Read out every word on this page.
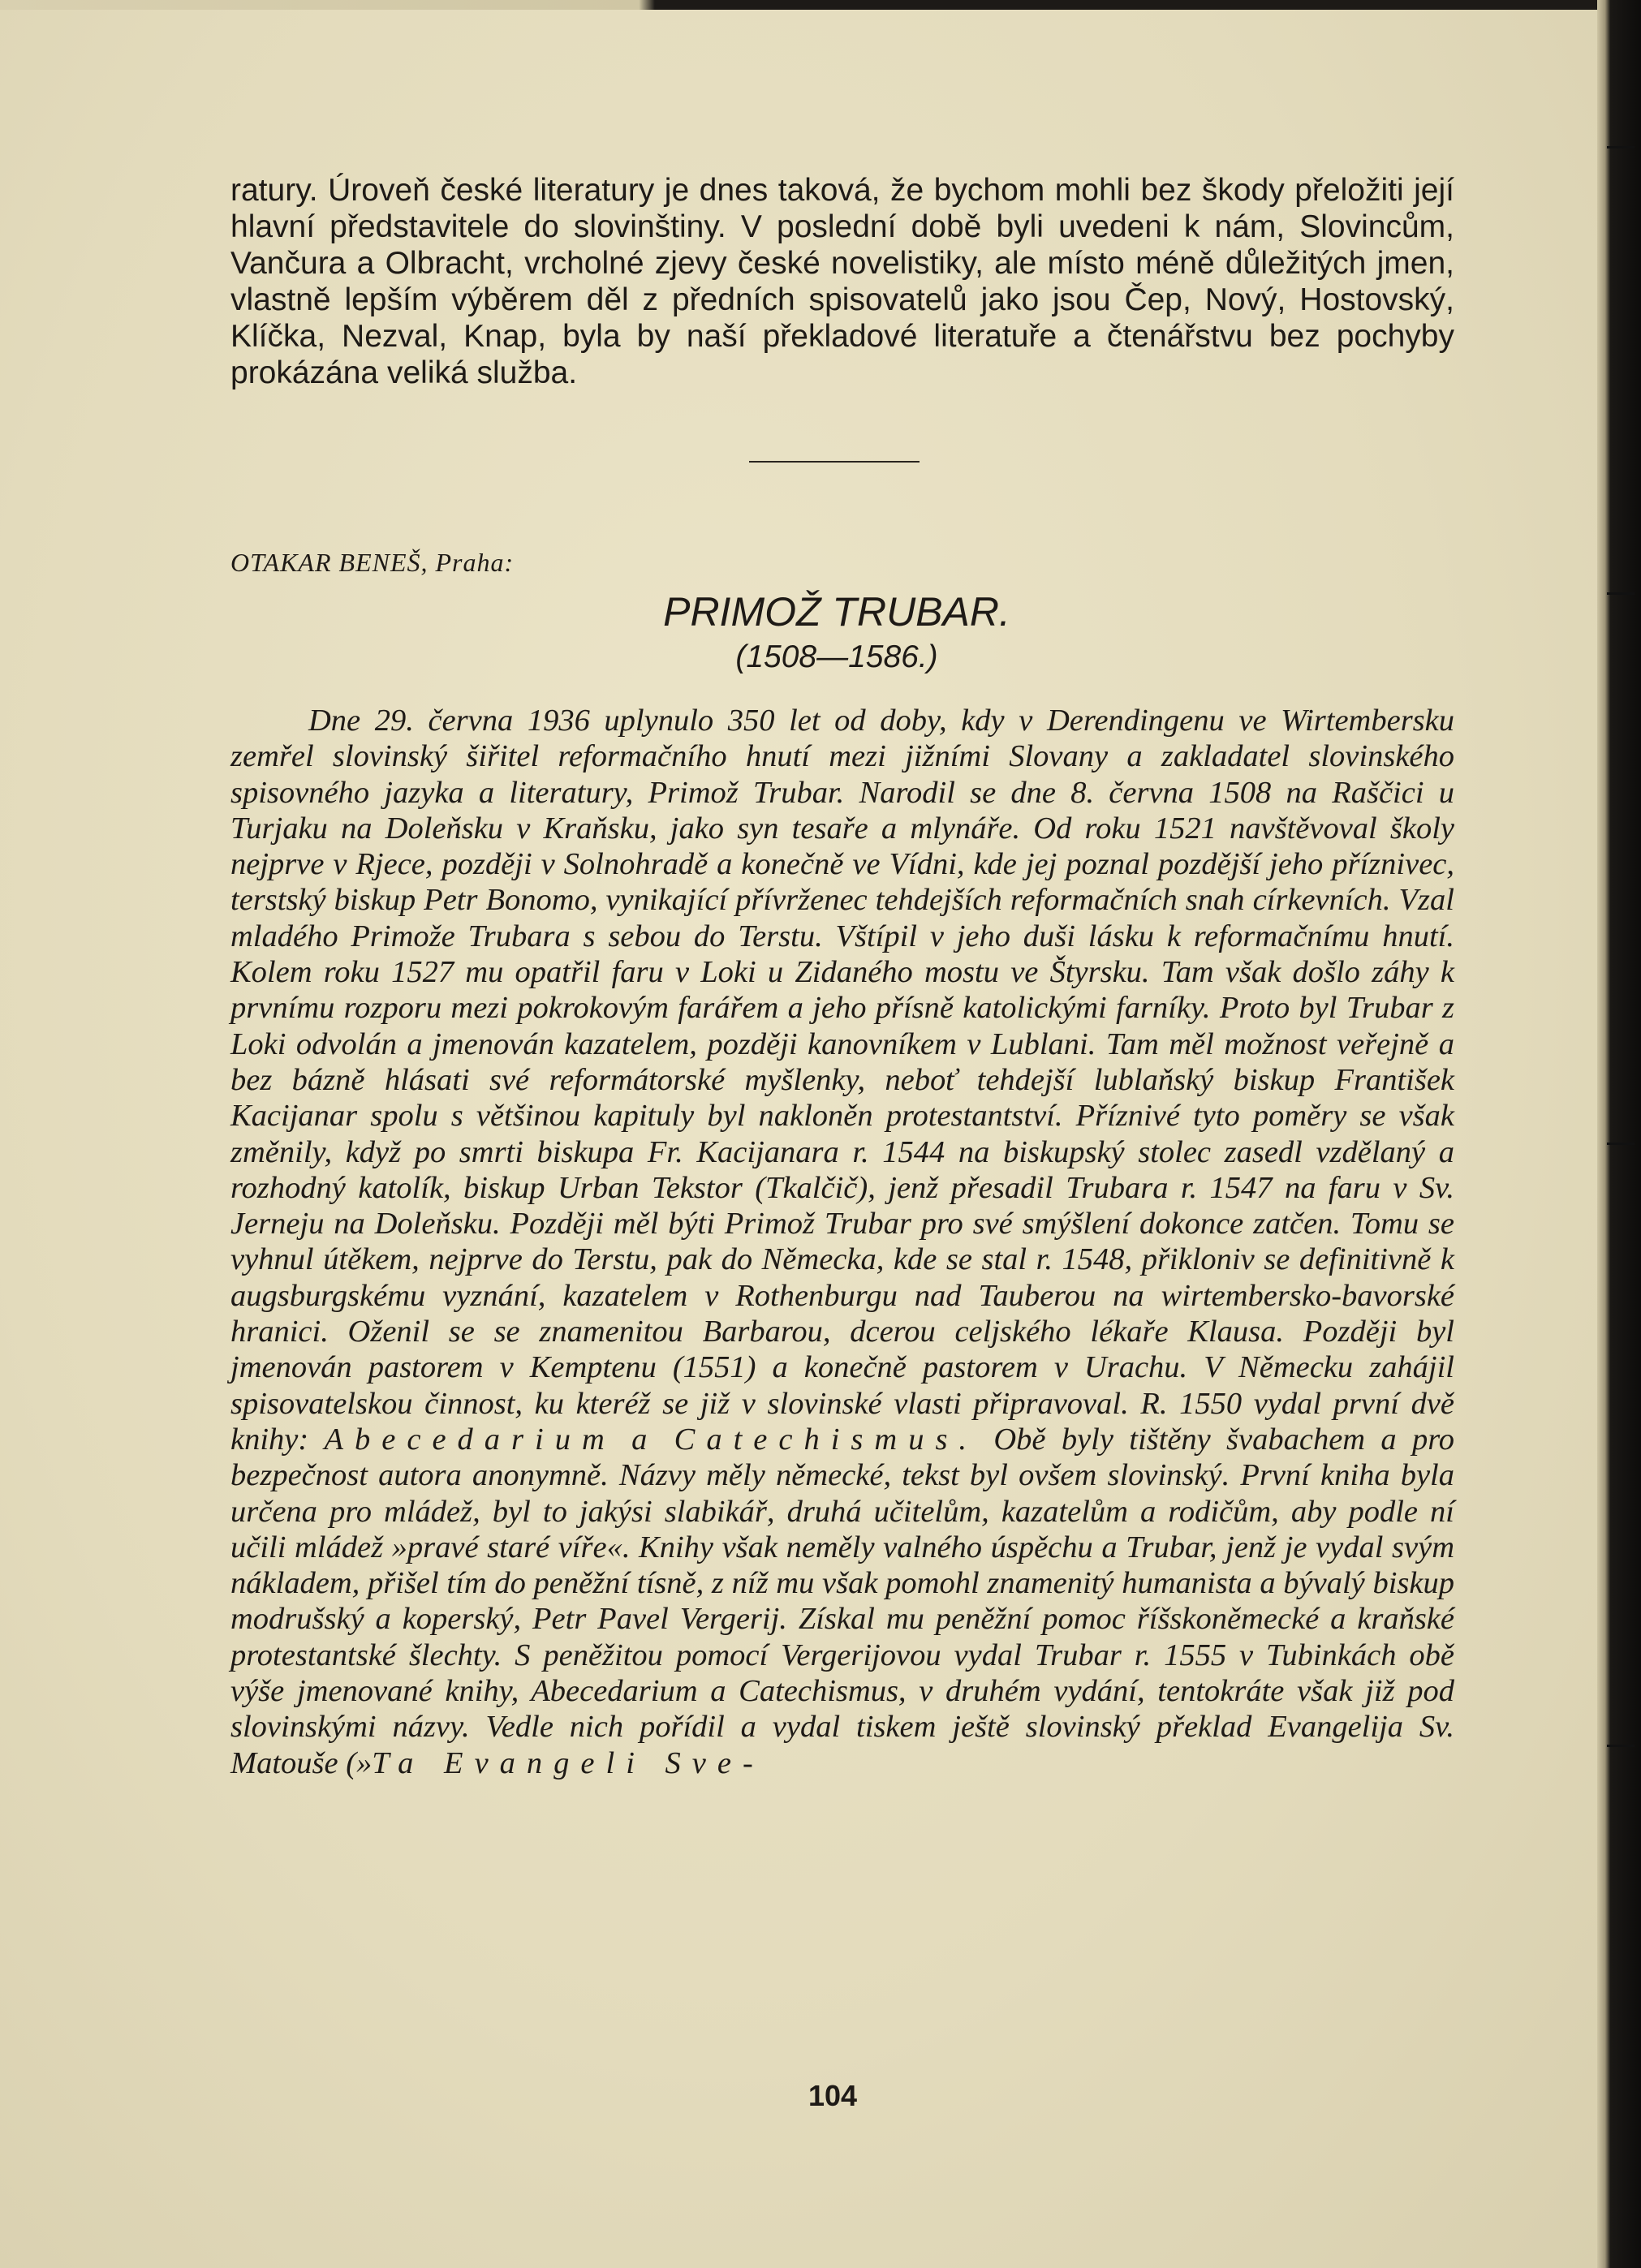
ratury. Úroveň české literatury je dnes taková, že bychom mohli bez škody přeložiti její hlavní představitele do slovinštiny. V poslední době byli uvedeni k nám, Slovincům, Vančura a Olbracht, vrcholné zjevy české novelistiky, ale místo méně důležitých jmen, vlastně lepším výběrem děl z předních spisovatelů jako jsou Čep, Nový, Hostovský, Klíčka, Nezval, Knap, byla by naší překladové literatuře a čtenářstvu bez pochyby prokázána veliká služba.
OTAKAR BENEŠ, Praha:
PRIMOŽ TRUBAR.
(1508—1586.)
Dne 29. června 1936 uplynulo 350 let od doby, kdy v Derendingenu ve Wirtembersku zemřel slovinský šiřitel reformačního hnutí mezi jižními Slovany a zakladatel slovinského spisovného jazyka a literatury, Primož Trubar. Narodil se dne 8. června 1508 na Raščici u Turjaku na Doleňsku v Kraňsku, jako syn tesaře a mlynáře. Od roku 1521 navštěvoval školy nejprve v Rjece, později v Solnohradě a konečně ve Vídni, kde jej poznal pozdější jeho příznivec, terstský biskup Petr Bonomo, vynikající přívrženec tehdejších reformačních snah církevních. Vzal mladého Primože Trubara s sebou do Terstu. Vštípil v jeho duši lásku k reformačnímu hnutí. Kolem roku 1527 mu opatřil faru v Loki u Zidaného mostu ve Štyrsku. Tam však došlo záhy k prvnímu rozporu mezi pokrokovým farářem a jeho přísně katolickými farníky. Proto byl Trubar z Loki odvolán a jmenován kazatelem, později kanovníkem v Lublani. Tam měl možnost veřejně a bez bázně hlásati své reformátorské myšlenky, neboť tehdejší lublaňský biskup František Kacijanar spolu s většinou kapituly byl nakloněn protestantství. Příznivé tyto poměry se však změnily, když po smrti biskupa Fr. Kacijanara r. 1544 na biskupský stolec zasedl vzdělaný a rozhodný katolík, biskup Urban Tekstor (Tkalčič), jenž přesadil Trubara r. 1547 na faru v Sv. Jerneju na Doleňsku. Později měl býti Primož Trubar pro své smýšlení dokonce zatčen. Tomu se vyhnul útěkem, nejprve do Terstu, pak do Německa, kde se stal r. 1548, přikloniv se definitivně k augsburgskému vyznání, kazatelem v Rothenburgu nad Tauberou na wirtembersko-bavorské hranici. Oženil se se znamenitou Barbarou, dcerou celjského lékaře Klausa. Později byl jmenován pastorem v Kemptenu (1551) a konečně pastorem v Urachu. V Německu zahájil spisovatelskou činnost, ku kteréž se již v slovinské vlasti připravoval. R. 1550 vydal první dvě knihy: Abecedarium a Catechismus. Obě byly tištěny švabachem a pro bezpečnost autora anonymně. Názvy měly německé, tekst byl ovšem slovinský. První kniha byla určena pro mládež, byl to jakýsi slabikář, druhá učitelům, kazatelům a rodičům, aby podle ní učili mládež »pravé staré víře«. Knihy však neměly valného úspěchu a Trubar, jenž je vydal svým nákladem, přišel tím do peněžní tísně, z níž mu však pomohl znamenitý humanista a bývalý biskup modrušský a koperský, Petr Pavel Vergerij. Získal mu peněžní pomoc říšskoněmecké a kraňské protestantské šlechty. S peněžitou pomocí Vergerijovou vydal Trubar r. 1555 v Tubinkách obě výše jmenované knihy, Abecedarium a Catechismus, v druhém vydání, tentokráte však již pod slovinskými názvy. Vedle nich pořídil a vydal tiskem ještě slovinský překlad Evangelija Sv. Matouše (»Ta Evangeli Sve-
104
